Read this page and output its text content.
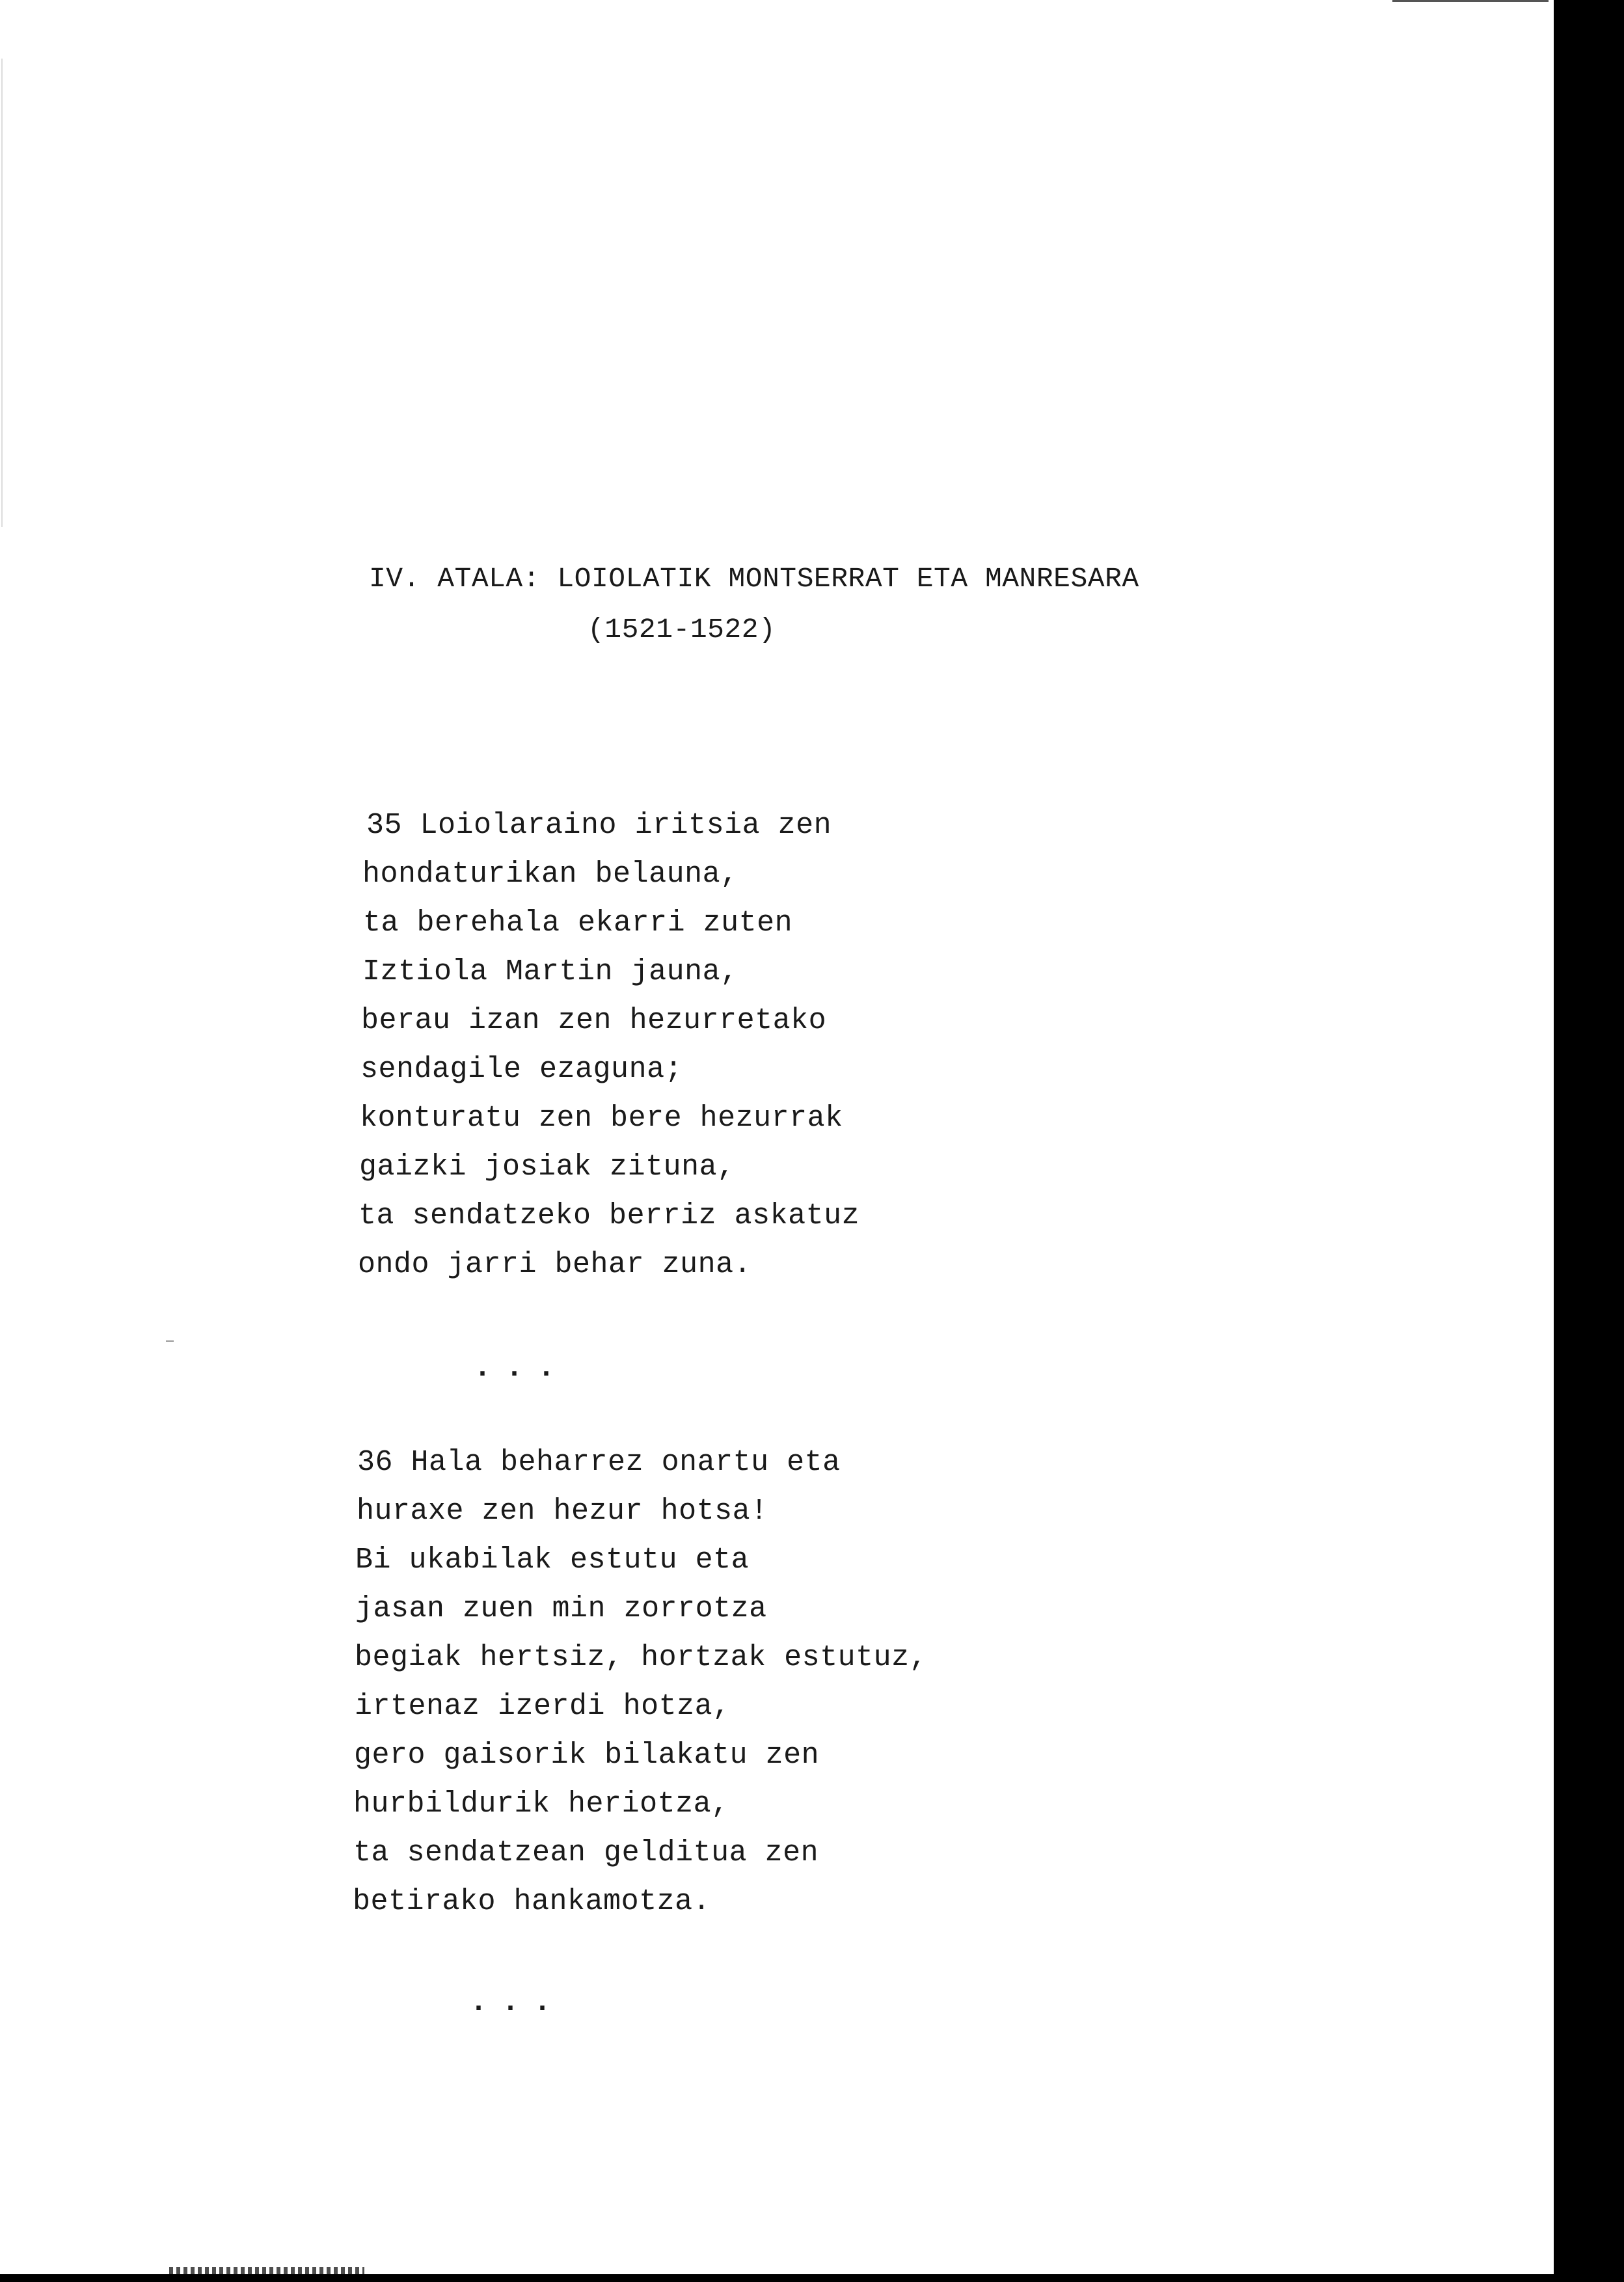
IV. ATALA: LOIOLATIK MONTSERRAT ETA MANRESARA
(1521-1522)
35 Loiolaraino iritsia zen
hondaturikan belauna,
ta berehala ekarri zuten
Iztiola Martin jauna,
berau izan zen hezurretako
sendagile ezaguna;
konturatu zen bere hezurrak
gaizki josiak zituna,
ta sendatzeko berriz askatuz
ondo jarri behar zuna.
...
36 Hala beharrez onartu eta
huraxe zen hezur hotsa!
Bi ukabilak estutu eta
jasan zuen min zorrotza
begiak hertsiz, hortzak estutuz,
irtenaz izerdi hotza,
gero gaisorik bilakatu zen
hurbildurik heriotza,
ta sendatzean gelditua zen
betirako hankamotza.
...
